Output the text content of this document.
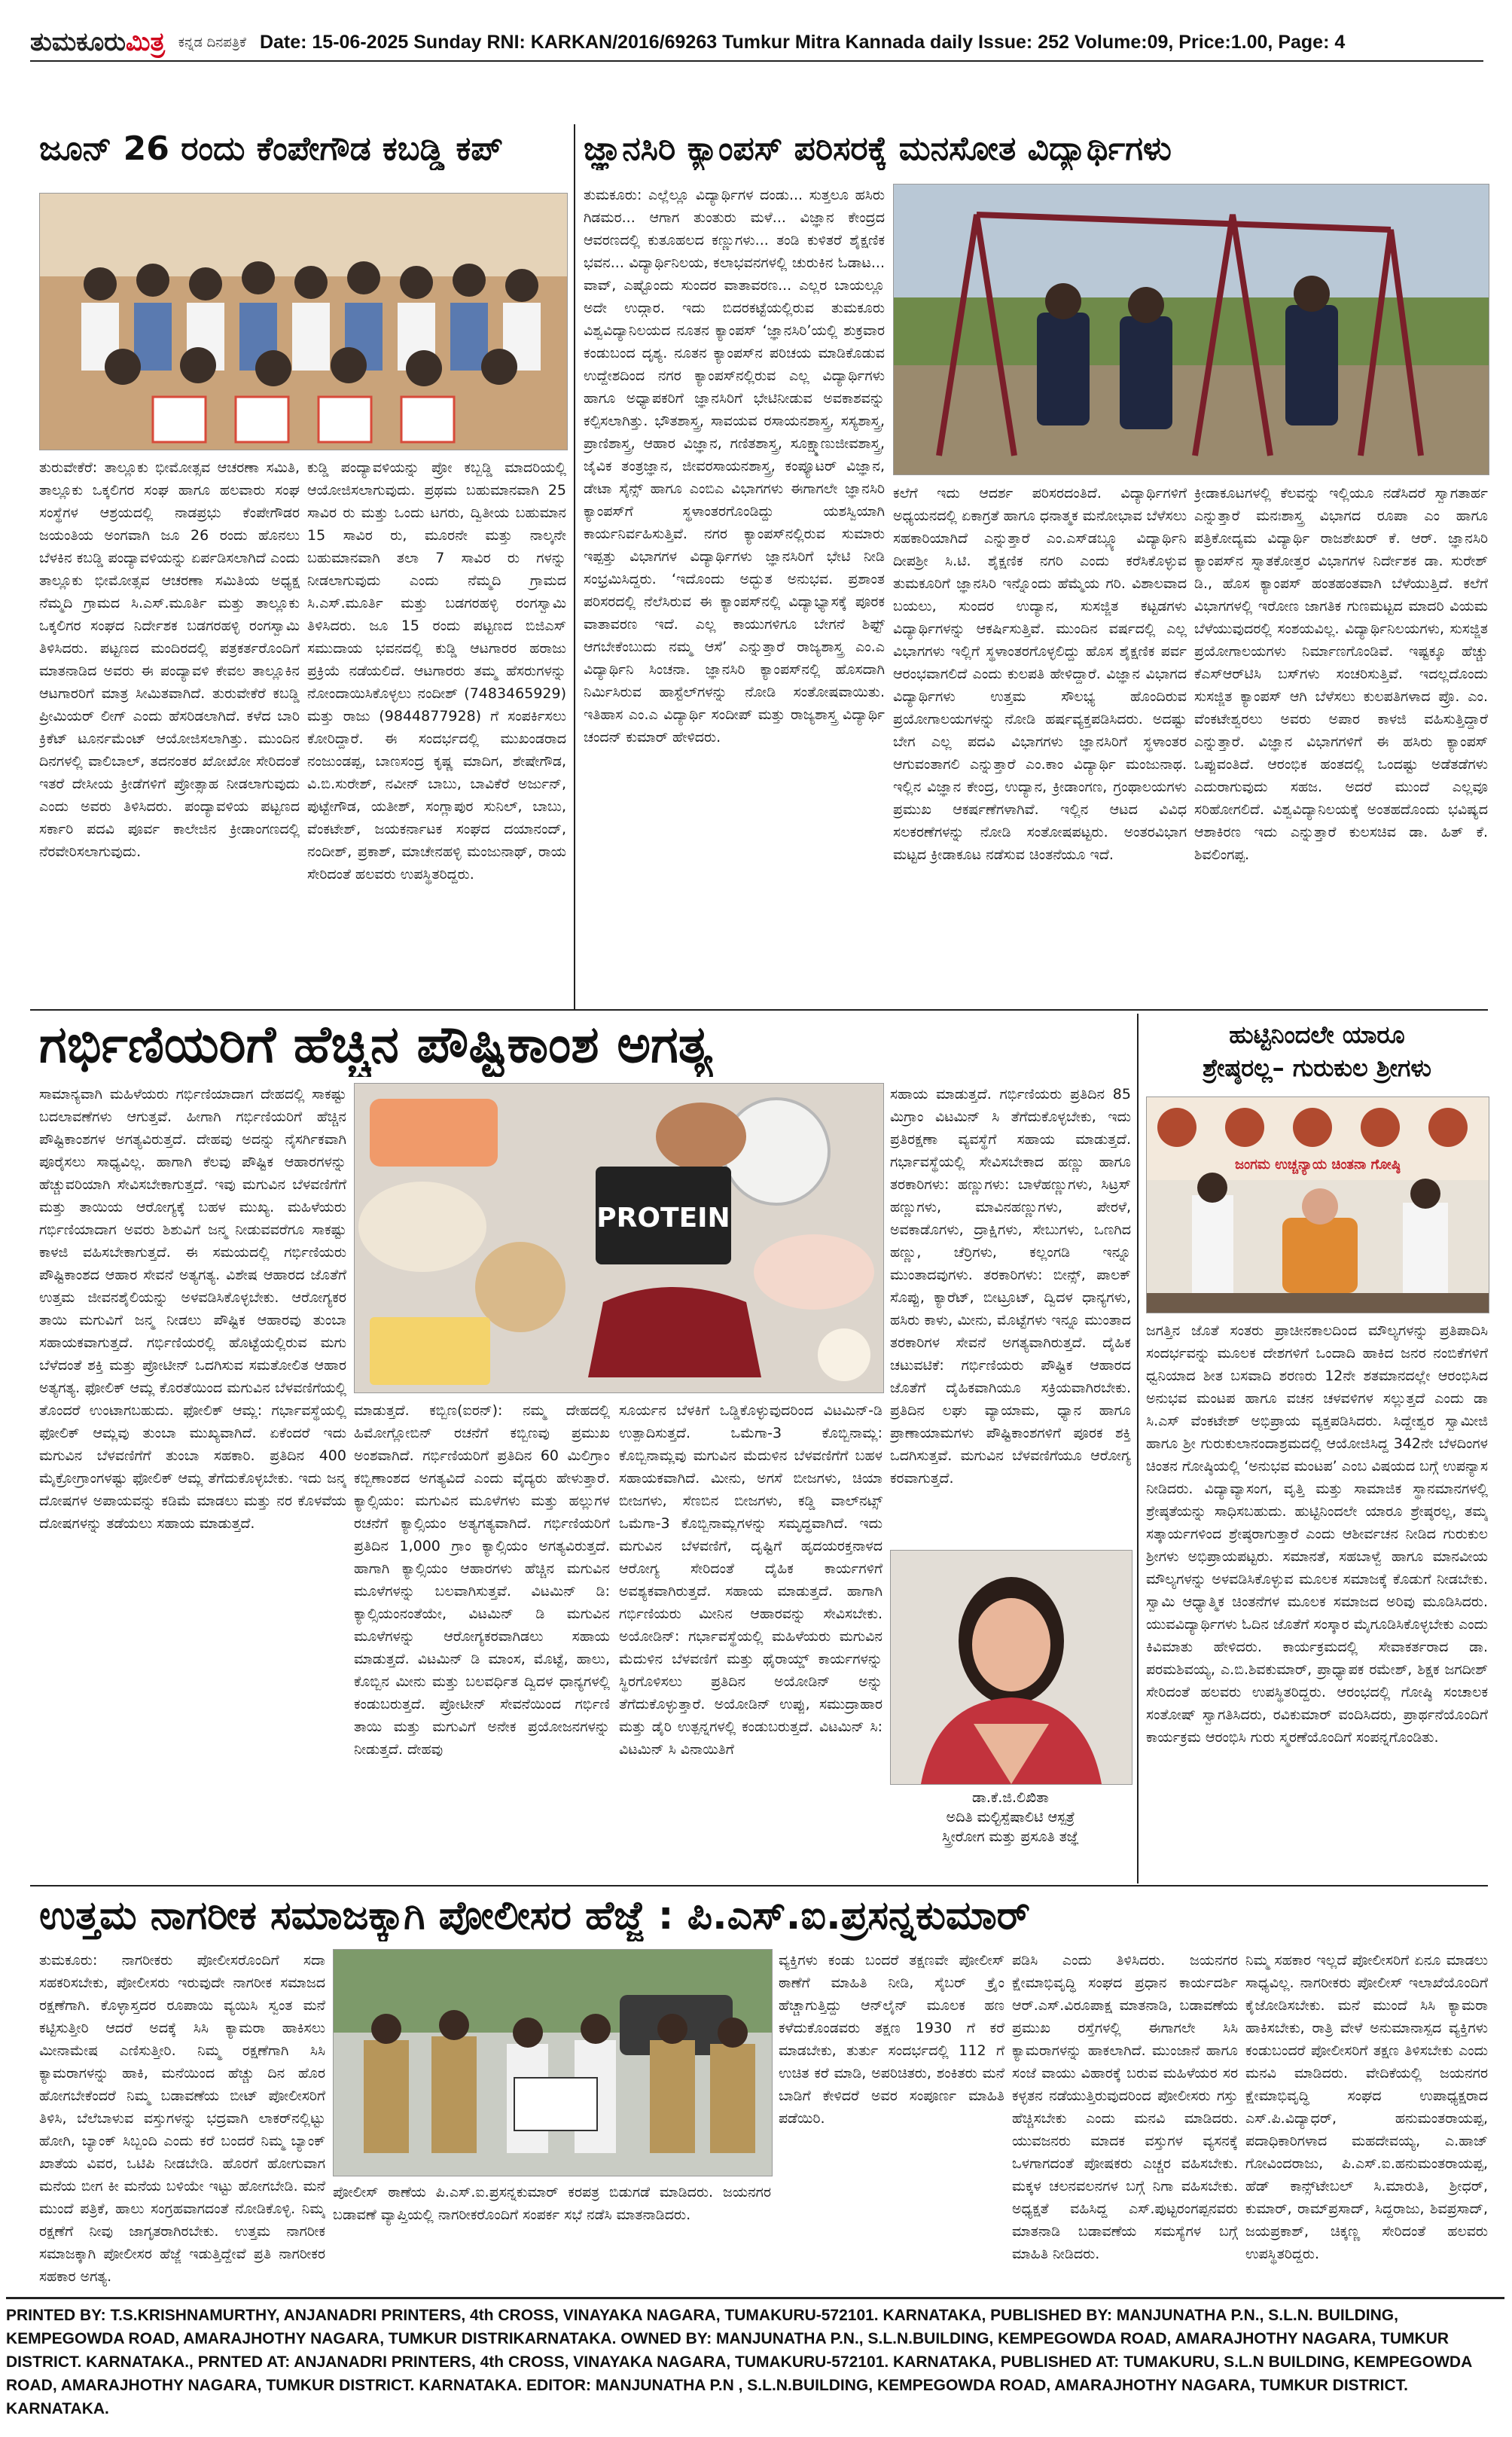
ತುಮಕೂರುಮಿತ್ರ ಕನ್ನಡ ದಿನಪತ್ರಿಕೆ Date: 15-06-2025 Sunday RNI: KARKAN/2016/69263 Tumkur Mitra Kannada daily Issue: 252 Volume:09, Price:1.00, Page: 4
ಜೂನ್ 26 ರಂದು ಕೆಂಪೇಗೌಡ ಕಬಡ್ಡಿ ಕಪ್
ತುರುವೇಕೆರೆ: ತಾಲ್ಲೂಕು ಭೀಮೋತ್ಸವ ಆಚರಣಾ ಸಮಿತಿ, ತಾಲ್ಲೂಕು ಒಕ್ಕಲಿಗರ ಸಂಘ ಹಾಗೂ ಹಲವಾರು ಸಂಘ ಸಂಸ್ಥೆಗಳ ಆಶ್ರಯದಲ್ಲಿ ನಾಡಪ್ರಭು ಕೆಂಪೇಗೌಡರ ಜಯಂತಿಯ ಅಂಗವಾಗಿ ಜೂ 26 ರಂದು ಹೊನಲು ಬೆಳಕಿನ ಕಬಡ್ಡಿ ಪಂದ್ಯಾವಳಿಯನ್ನು ಏರ್ಪಡಿಸಲಾಗಿದೆ ಎಂದು ತಾಲ್ಲೂಕು ಭೀಮೋತ್ಸವ ಆಚರಣಾ ಸಮಿತಿಯ ಅಧ್ಯಕ್ಷ ನೆಮ್ಮದಿ ಗ್ರಾಮದ ಸಿ.ಎಸ್.ಮೂರ್ತಿ ಮತ್ತು ತಾಲ್ಲೂಕು ಒಕ್ಕಲಿಗರ ಸಂಘದ ನಿರ್ದೇಶಕ ಬಡಗರಹಳ್ಳಿ ರಂಗಸ್ವಾಮಿ ತಿಳಿಸಿದರು. ಪಟ್ಟಣದ ಮಂದಿರದಲ್ಲಿ ಪತ್ರಕರ್ತರೊಂದಿಗೆ ಮಾತನಾಡಿದ ಅವರು ಈ ಪಂದ್ಯಾವಳಿ ಕೇವಲ ತಾಲ್ಲೂಕಿನ ಆಟಗಾರರಿಗೆ ಮಾತ್ರ ಸೀಮಿತವಾಗಿದೆ. ತುರುವೇಕೆರೆ ಕಬಡ್ಡಿ ಪ್ರೀಮಿಯರ್ ಲೀಗ್ ಎಂದು ಹೆಸರಿಡಲಾಗಿದೆ. ಕಳೆದ ಬಾರಿ ಕ್ರಿಕೆಟ್ ಟೂರ್ನಮೆಂಟ್ ಆಯೋಜಿಸಲಾಗಿತ್ತು. ಮುಂದಿನ ದಿನಗಳಲ್ಲಿ ವಾಲಿಬಾಲ್, ತದನಂತರ ಖೋಖೋ ಸೇರಿದಂತೆ ಇತರೆ ದೇಸೀಯ ಕ್ರೀಡೆಗಳಿಗೆ ಪ್ರೋತ್ಸಾಹ ನೀಡಲಾಗುವುದು ಎಂದು ಅವರು ತಿಳಿಸಿದರು. ಪಂದ್ಯಾವಳಿಯ ಪಟ್ಟಣದ ಸರ್ಕಾರಿ ಪದವಿ ಪೂರ್ವ ಕಾಲೇಜಿನ ಕ್ರೀಡಾಂಗಣದಲ್ಲಿ ನೆರವೇರಿಸಲಾಗುವುದು.
ಕುಡ್ಡಿ ಪಂದ್ಯಾವಳಿಯನ್ನು ಪ್ರೋ ಕಬ್ಬಡ್ಡಿ ಮಾದರಿಯಲ್ಲಿ ಆಯೋಜಿಸಲಾಗುವುದು. ಪ್ರಥಮ ಬಹುಮಾನವಾಗಿ 25 ಸಾವಿರ ರು ಮತ್ತು ಒಂದು ಟಗರು, ದ್ವಿತೀಯ ಬಹುಮಾನ 15 ಸಾವಿರ ರು, ಮೂರನೇ ಮತ್ತು ನಾಲ್ಕನೇ ಬಹುಮಾನವಾಗಿ ತಲಾ 7 ಸಾವಿರ ರು ಗಳನ್ನು ನೀಡಲಾಗುವುದು ಎಂದು ನೆಮ್ಮದಿ ಗ್ರಾಮದ ಸಿ.ಎಸ್.ಮೂರ್ತಿ ಮತ್ತು ಬಡಗರಹಳ್ಳಿ ರಂಗಸ್ವಾಮಿ ತಿಳಿಸಿದರು. ಜೂ 15 ರಂದು ಪಟ್ಟಣದ ಬಿಜಿಎಸ್ ಸಮುದಾಯ ಭವನದಲ್ಲಿ ಕುಡ್ಡಿ ಆಟಗಾರರ ಹರಾಜು ಪ್ರಕ್ರಿಯೆ ನಡೆಯಲಿದೆ. ಆಟಗಾರರು ತಮ್ಮ ಹೆಸರುಗಳನ್ನು ನೋಂದಾಯಿಸಿಕೊಳ್ಳಲು ನಂದೀಶ್ (7483465929) ಮತ್ತು ರಾಜು (9844877928) ಗೆ ಸಂಪರ್ಕಿಸಲು ಕೋರಿದ್ದಾರೆ. ಈ ಸಂದರ್ಭದಲ್ಲಿ ಮುಖಂಡರಾದ ನಂಜುಂಡಪ್ಪ, ಬಾಣಸಂದ್ರ ಕೃಷ್ಣ ಮಾದಿಗ, ಶೇಷೇಗೌಡ, ವಿ.ಬಿ.ಸುರೇಶ್, ನವೀನ್ ಬಾಬು, ಬಾವಿಕೆರೆ ಅರ್ಜುನ್, ಪುಟ್ಟೇಗೌಡ, ಯತೀಶ್, ಸಂಗ್ಲಾಪುರ ಸುನಿಲ್, ಬಾಬು, ವೆಂಕಟೇಶ್, ಜಯಕರ್ನಾಟಕ ಸಂಘದ ದಯಾನಂದ್, ನಂದೀಶ್, ಪ್ರಕಾಶ್, ಮಾಚೇನಹಳ್ಳಿ ಮಂಜುನಾಥ್, ರಾಯ ಸೇರಿದಂತೆ ಹಲವರು ಉಪಸ್ಥಿತರಿದ್ದರು.
ಜ್ಞಾನಸಿರಿ ಕ್ಯಾಂಪಸ್ ಪರಿಸರಕ್ಕೆ ಮನಸೋತ ವಿದ್ಯಾರ್ಥಿಗಳು
ತುಮಕೂರು: ಎಲ್ಲೆಲ್ಲೂ ವಿದ್ಯಾರ್ಥಿಗಳ ದಂಡು... ಸುತ್ತಲೂ ಹಸಿರು ಗಿಡಮರ... ಆಗಾಗ ತುಂತುರು ಮಳೆ... ವಿಜ್ಞಾನ ಕೇಂದ್ರದ ಆವರಣದಲ್ಲಿ ಕುತೂಹಲದ ಕಣ್ಣುಗಳು... ತಂಡಿ ಕುಳಿತರೆ ಶೈಕ್ಷಣಿಕ ಭವನ... ವಿದ್ಯಾರ್ಥಿನಿಲಯ, ಕಲಾಭವನಗಳಲ್ಲಿ ಚುರುಕಿನ ಓಡಾಟ... ವಾವ್, ಎಷ್ಟೊಂದು ಸುಂದರ ವಾತಾವರಣ... ಎಲ್ಲರ ಬಾಯಲ್ಲೂ ಅದೇ ಉದ್ಗಾರ. ಇದು ಬಿದರಕಟ್ಟೆಯಲ್ಲಿರುವ ತುಮಕೂರು ವಿಶ್ವವಿದ್ಯಾನಿಲಯದ ನೂತನ ಕ್ಯಾಂಪಸ್ ‘ಜ್ಞಾನಸಿರಿ’ಯಲ್ಲಿ ಶುಕ್ರವಾರ ಕಂಡುಬಂದ ದೃಶ್ಯ. ನೂತನ ಕ್ಯಾಂಪಸ್‌ನ ಪರಿಚಯ ಮಾಡಿಕೊಡುವ ಉದ್ದೇಶದಿಂದ ನಗರ ಕ್ಯಾಂಪಸ್‌ನಲ್ಲಿರುವ ಎಲ್ಲ ವಿದ್ಯಾರ್ಥಿಗಳು ಹಾಗೂ ಅಧ್ಯಾಪಕರಿಗೆ ಜ್ಞಾನಸಿರಿಗೆ ಭೇಟಿನೀಡುವ ಅವಕಾಶವನ್ನು ಕಲ್ಪಿಸಲಾಗಿತ್ತು. ಭೌತಶಾಸ್ತ್ರ, ಸಾವಯವ ರಸಾಯನಶಾಸ್ತ್ರ, ಸಸ್ಯಶಾಸ್ತ್ರ, ಪ್ರಾಣಿಶಾಸ್ತ್ರ, ಆಹಾರ ವಿಜ್ಞಾನ, ಗಣಿತಶಾಸ್ತ್ರ, ಸೂಕ್ಷ್ಮಾಣುಜೀವಶಾಸ್ತ್ರ, ಜೈವಿಕ ತಂತ್ರಜ್ಞಾನ, ಜೀವರಸಾಯನಶಾಸ್ತ್ರ, ಕಂಪ್ಯೂಟರ್ ವಿಜ್ಞಾನ, ಡೇಟಾ ಸೈನ್ಸ್ ಹಾಗೂ ಎಂಬಿಎ ವಿಭಾಗಗಳು ಈಗಾಗಲೇ ಜ್ಞಾನಸಿರಿ ಕ್ಯಾಂಪಸ್‌ಗೆ ಸ್ಥಳಾಂತರಗೊಂಡಿದ್ದು ಯಶಸ್ವಿಯಾಗಿ ಕಾರ್ಯನಿರ್ವಹಿಸುತ್ತಿವೆ. ನಗರ ಕ್ಯಾಂಪಸ್‌ನಲ್ಲಿರುವ ಸುಮಾರು ಇಪ್ಪತ್ತು ವಿಭಾಗಗಳ ವಿದ್ಯಾರ್ಥಿಗಳು ಜ್ಞಾನಸಿರಿಗೆ ಭೇಟಿ ನೀಡಿ ಸಂಭ್ರಮಿಸಿದ್ದರು. ‘ಇದೊಂದು ಅದ್ಭುತ ಅನುಭವ. ಪ್ರಶಾಂತ ಪರಿಸರದಲ್ಲಿ ನೆಲೆಸಿರುವ ಈ ಕ್ಯಾಂಪಸ್‌ನಲ್ಲಿ ವಿದ್ಯಾಭ್ಯಾಸಕ್ಕೆ ಪೂರಕ ವಾತಾವರಣ ಇದೆ. ಎಲ್ಲ ಕಾಯುಗಳಿಗೂ ಬೇಗನೆ ಶಿಫ್ಟ್ ಆಗಬೇಕೆಂಬುದು ನಮ್ಮ ಆಸೆ’ ಎನ್ನುತ್ತಾರೆ ರಾಜ್ಯಶಾಸ್ತ್ರ ಎಂ.ಎ ವಿದ್ಯಾರ್ಥಿನಿ ಸಿಂಚನಾ. ಜ್ಞಾನಸಿರಿ ಕ್ಯಾಂಪಸ್‌ನಲ್ಲಿ ಹೊಸದಾಗಿ ನಿರ್ಮಿಸಿರುವ ಹಾಸ್ಟೆಲ್‌ಗಳನ್ನು ನೋಡಿ ಸಂತೋಷವಾಯಿತು. ಇತಿಹಾಸ ಎಂ.ಎ ವಿದ್ಯಾರ್ಥಿ ಸಂದೀಪ್ ಮತ್ತು ರಾಜ್ಯಶಾಸ್ತ್ರ ವಿದ್ಯಾರ್ಥಿ ಚಂದನ್ ಕುಮಾರ್ ಹೇಳಿದರು.
ಕಲೆಗೆ ಇದು ಆದರ್ಶ ಪರಿಸರದಂತಿದೆ. ವಿದ್ಯಾರ್ಥಿಗಳಿಗೆ ಅಧ್ಯಯನದಲ್ಲಿ ಏಕಾಗ್ರತೆ ಹಾಗೂ ಧನಾತ್ಮಕ ಮನೋಭಾವ ಬೆಳೆಸಲು ಸಹಕಾರಿಯಾಗಿದೆ ಎನ್ನುತ್ತಾರೆ ಎಂ.ಎಸ್‌ಡಬ್ಲ್ಯೂ ವಿದ್ಯಾರ್ಥಿನಿ ದೀಪಶ್ರೀ ಸಿ.ಟಿ. ಶೈಕ್ಷಣಿಕ ನಗರಿ ಎಂದು ಕರೆಸಿಕೊಳ್ಳುವ ತುಮಕೂರಿಗೆ ಜ್ಞಾನಸಿರಿ ಇನ್ನೊಂದು ಹೆಮ್ಮೆಯ ಗರಿ. ವಿಶಾಲವಾದ ಬಯಲು, ಸುಂದರ ಉದ್ಯಾನ, ಸುಸಜ್ಜಿತ ಕಟ್ಟಡಗಳು ವಿದ್ಯಾರ್ಥಿಗಳನ್ನು ಆಕರ್ಷಿಸುತ್ತಿವೆ. ಮುಂದಿನ ವರ್ಷದಲ್ಲಿ ಎಲ್ಲ ವಿಭಾಗಗಳು ಇಲ್ಲಿಗೆ ಸ್ಥಳಾಂತರಗೊಳ್ಳಲಿದ್ದು ಹೊಸ ಶೈಕ್ಷಣಿಕ ಪರ್ವ ಆರಂಭವಾಗಲಿದೆ ಎಂದು ಕುಲಪತಿ ಹೇಳಿದ್ದಾರೆ. ವಿಜ್ಞಾನ ವಿಭಾಗದ ವಿದ್ಯಾರ್ಥಿಗಳು ಉತ್ತಮ ಸೌಲಭ್ಯ ಹೊಂದಿರುವ ಪ್ರಯೋಗಾಲಯಗಳನ್ನು ನೋಡಿ ಹರ್ಷವ್ಯಕ್ತಪಡಿಸಿದರು. ಅದಷ್ಟು ಬೇಗ ಎಲ್ಲ ಪದವಿ ವಿಭಾಗಗಳು ಜ್ಞಾನಸಿರಿಗೆ ಸ್ಥಳಾಂತರ ಆಗುವಂತಾಗಲಿ ಎನ್ನುತ್ತಾರೆ ಎಂ.ಕಾಂ ವಿದ್ಯಾರ್ಥಿ ಮಂಜುನಾಥ. ಇಲ್ಲಿನ ವಿಜ್ಞಾನ ಕೇಂದ್ರ, ಉದ್ಯಾನ, ಕ್ರೀಡಾಂಗಣ, ಗ್ರಂಥಾಲಯಗಳು ಪ್ರಮುಖ ಆಕರ್ಷಣೆಗಳಾಗಿವೆ. ಇಲ್ಲಿನ ಆಟದ ವಿವಿಧ ಸಲಕರಣೆಗಳನ್ನು ನೋಡಿ ಸಂತೋಷಪಟ್ಟರು. ಅಂತರವಿಭಾಗ ಮಟ್ಟದ ಕ್ರೀಡಾಕೂಟ ನಡೆಸುವ ಚಿಂತನೆಯೂ ಇದೆ.
ಕ್ರೀಡಾಕೂಟಗಳಲ್ಲಿ ಕೆಲವನ್ನು ಇಲ್ಲಿಯೂ ನಡೆಸಿದರೆ ಸ್ವಾಗತಾರ್ಹ ಎನ್ನುತ್ತಾರೆ ಮನಃಶಾಸ್ತ್ರ ವಿಭಾಗದ ರೂಪಾ ಎಂ ಹಾಗೂ ಪತ್ರಿಕೋದ್ಯಮ ವಿದ್ಯಾರ್ಥಿ ರಾಜಶೇಖರ್ ಕೆ. ಆರ್. ಜ್ಞಾನಸಿರಿ ಕ್ಯಾಂಪಸ್‌ನ ಸ್ನಾತಕೋತ್ತರ ವಿಭಾಗಗಳ ನಿರ್ದೇಶಕ ಡಾ. ಸುರೇಶ್ ಡಿ., ಹೊಸ ಕ್ಯಾಂಪಸ್ ಹಂತಹಂತವಾಗಿ ಬೆಳೆಯುತ್ತಿದೆ. ಕಲೆಗೆ ವಿಭಾಗಗಳಲ್ಲಿ ಇರೋಣ ಜಾಗತಿಕ ಗುಣಮಟ್ಟದ ಮಾದರಿ ವಿಯಮ ಬೆಳೆಯುವುದರಲ್ಲಿ ಸಂಶಯವಿಲ್ಲ. ವಿದ್ಯಾರ್ಥಿನಿಲಯಗಳು, ಸುಸಜ್ಜಿತ ಪ್ರಯೋಗಾಲಯಗಳು ನಿರ್ಮಾಣಗೊಂಡಿವೆ. ಇಷ್ಟಕ್ಕೂ ಹೆಚ್ಚು ಕೆಎಸ್‌ಆರ್‌ಟಿಸಿ ಬಸ್‌ಗಳು ಸಂಚರಿಸುತ್ತಿವೆ. ಇದಲ್ಲದೊಂದು ಸುಸಜ್ಜಿತ ಕ್ಯಾಂಪಸ್ ಆಗಿ ಬೆಳೆಸಲು ಕುಲಪತಿಗಳಾದ ಪ್ರೊ. ಎಂ. ವೆಂಕಟೇಶ್ವರಲು ಅವರು ಅಪಾರ ಕಾಳಜಿ ವಹಿಸುತ್ತಿದ್ದಾರೆ ಎನ್ನುತ್ತಾರೆ. ವಿಜ್ಞಾನ ವಿಭಾಗಗಳಿಗೆ ಈ ಹಸಿರು ಕ್ಯಾಂಪಸ್ ಒಪ್ಪುವಂತಿದೆ. ಆರಂಭಿಕ ಹಂತದಲ್ಲಿ ಒಂದಷ್ಟು ಅಡೆತಡೆಗಳು ಎದುರಾಗುವುದು ಸಹಜ. ಅದರೆ ಮುಂದೆ ಎಲ್ಲವೂ ಸರಿಹೋಗಲಿದೆ. ವಿಶ್ವವಿದ್ಯಾನಿಲಯಕ್ಕೆ ಅಂತಹದೊಂದು ಭವಿಷ್ಯದ ಆಶಾಕಿರಣ ಇದು ಎನ್ನುತ್ತಾರೆ ಕುಲಸಚಿವ ಡಾ. ಹಿತ್ ಕೆ. ಶಿವಲಿಂಗಪ್ಪ.
ಗರ್ಭಿಣಿಯರಿಗೆ ಹೆಚ್ಚಿನ ಪೌಷ್ಟಿಕಾಂಶ ಅಗತ್ಯ
ಸಾಮಾನ್ಯವಾಗಿ ಮಹಿಳೆಯರು ಗರ್ಭಿಣಿಯಾದಾಗ ದೇಹದಲ್ಲಿ ಸಾಕಷ್ಟು ಬದಲಾವಣೆಗಳು ಆಗುತ್ತವೆ. ಹೀಗಾಗಿ ಗರ್ಭಿಣಿಯರಿಗೆ ಹೆಚ್ಚಿನ ಪೌಷ್ಟಿಕಾಂಶಗಳ ಅಗತ್ಯವಿರುತ್ತದೆ. ದೇಹವು ಅದನ್ನು ನೈಸರ್ಗಿಕವಾಗಿ ಪೂರೈಸಲು ಸಾಧ್ಯವಿಲ್ಲ. ಹಾಗಾಗಿ ಕೆಲವು ಪೌಷ್ಟಿಕ ಆಹಾರಗಳನ್ನು ಹೆಚ್ಚುವರಿಯಾಗಿ ಸೇವಿಸಬೇಕಾಗುತ್ತದೆ. ಇವು ಮಗುವಿನ ಬೆಳವಣಿಗೆಗೆ ಮತ್ತು ತಾಯಿಯ ಆರೋಗ್ಯಕ್ಕೆ ಬಹಳ ಮುಖ್ಯ. ಮಹಿಳೆಯರು ಗರ್ಭಿಣಿಯಾದಾಗ ಅವರು ಶಿಶುವಿಗೆ ಜನ್ಮ ನೀಡುವವರೆಗೂ ಸಾಕಷ್ಟು ಕಾಳಜಿ ವಹಿಸಬೇಕಾಗುತ್ತದೆ. ಈ ಸಮಯದಲ್ಲಿ ಗರ್ಭಿಣಿಯರು ಪೌಷ್ಟಿಕಾಂಶದ ಆಹಾರ ಸೇವನೆ ಅತ್ಯಗತ್ಯ. ವಿಶೇಷ ಆಹಾರದ ಜೊತೆಗೆ ಉತ್ತಮ ಜೀವನಶೈಲಿಯನ್ನು ಅಳವಡಿಸಿಕೊಳ್ಳಬೇಕು. ಆರೋಗ್ಯಕರ ತಾಯಿ ಮಗುವಿಗೆ ಜನ್ಮ ನೀಡಲು ಪೌಷ್ಟಿಕ ಆಹಾರವು ತುಂಬಾ ಸಹಾಯಕವಾಗುತ್ತದೆ. ಗರ್ಭಿಣಿಯರಲ್ಲಿ ಹೊಟ್ಟೆಯಲ್ಲಿರುವ ಮಗು ಬೆಳೆದಂತೆ ಶಕ್ತಿ ಮತ್ತು ಪ್ರೋಟೀನ್ ಒದಗಿಸುವ ಸಮತೋಲಿತ ಆಹಾರ ಅತ್ಯಗತ್ಯ. ಫೋಲಿಕ್ ಆಮ್ಲ ಕೊರತೆಯಿಂದ ಮಗುವಿನ ಬೆಳವಣಿಗೆಯಲ್ಲಿ ತೊಂದರೆ ಉಂಟಾಗಬಹುದು. ಫೋಲಿಕ್ ಆಮ್ಲ: ಗರ್ಭಾವಸ್ಥೆಯಲ್ಲಿ ಫೋಲಿಕ್ ಆಮ್ಲವು ತುಂಬಾ ಮುಖ್ಯವಾಗಿದೆ. ಏಕೆಂದರೆ ಇದು ಮಗುವಿನ ಬೆಳವಣಿಗೆಗೆ ತುಂಬಾ ಸಹಕಾರಿ. ಪ್ರತಿದಿನ 400 ಮೈಕ್ರೋಗ್ರಾಂಗಳಷ್ಟು ಫೋಲಿಕ್ ಆಮ್ಲ ತೆಗೆದುಕೊಳ್ಳಬೇಕು. ಇದು ಜನ್ಮ ದೋಷಗಳ ಅಪಾಯವನ್ನು ಕಡಿಮೆ ಮಾಡಲು ಮತ್ತು ನರ ಕೊಳವೆಯ ದೋಷಗಳನ್ನು ತಡೆಯಲು ಸಹಾಯ ಮಾಡುತ್ತದೆ.
PROTEIN
ಮಾಡುತ್ತದೆ. ಕಬ್ಬಿಣ(ಐರನ್): ನಮ್ಮ ದೇಹದಲ್ಲಿ ಹಿಮೋಗ್ಲೋಬಿನ್ ರಚನೆಗೆ ಕಬ್ಬಿಣವು ಪ್ರಮುಖ ಅಂಶವಾಗಿದೆ. ಗರ್ಭಿಣಿಯರಿಗೆ ಪ್ರತಿದಿನ 60 ಮಿಲಿಗ್ರಾಂ ಕಬ್ಬಿಣಾಂಶದ ಅಗತ್ಯವಿದೆ ಎಂದು ವೈದ್ಯರು ಹೇಳುತ್ತಾರೆ. ಕ್ಯಾಲ್ಸಿಯಂ: ಮಗುವಿನ ಮೂಳೆಗಳು ಮತ್ತು ಹಲ್ಲುಗಳ ರಚನೆಗೆ ಕ್ಯಾಲ್ಸಿಯಂ ಅತ್ಯಗತ್ಯವಾಗಿದೆ. ಗರ್ಭಿಣಿಯರಿಗೆ ಪ್ರತಿದಿನ 1,000 ಗ್ರಾಂ ಕ್ಯಾಲ್ಸಿಯಂ ಅಗತ್ಯವಿರುತ್ತದೆ. ಹಾಗಾಗಿ ಕ್ಯಾಲ್ಸಿಯಂ ಆಹಾರಗಳು ಹೆಚ್ಚಿನ ಮಗುವಿನ ಮೂಳೆಗಳನ್ನು ಬಲವಾಗಿಸುತ್ತವೆ. ವಿಟಮಿನ್ ಡಿ: ಕ್ಯಾಲ್ಸಿಯಂನಂತೆಯೇ, ವಿಟಮಿನ್ ಡಿ ಮಗುವಿನ ಮೂಳೆಗಳನ್ನು ಆರೋಗ್ಯಕರವಾಗಿಡಲು ಸಹಾಯ ಮಾಡುತ್ತದೆ. ವಿಟಮಿನ್ ಡಿ ಮಾಂಸ, ಮೊಟ್ಟೆ, ಹಾಲು, ಕೊಬ್ಬಿನ ಮೀನು ಮತ್ತು ಬಲವರ್ಧಿತ ದ್ವಿದಳ ಧಾನ್ಯಗಳಲ್ಲಿ ಕಂಡುಬರುತ್ತದೆ. ಪ್ರೋಟೀನ್ ಸೇವನೆಯಿಂದ ಗರ್ಭಿಣಿ ತಾಯಿ ಮತ್ತು ಮಗುವಿಗೆ ಅನೇಕ ಪ್ರಯೋಜನಗಳನ್ನು ನೀಡುತ್ತದೆ. ದೇಹವು
ಸಹಾಯ ಮಾಡುತ್ತದೆ. ಗರ್ಭಿಣಿಯರು ಪ್ರತಿದಿನ 85 ಮಿಗ್ರಾಂ ವಿಟಮಿನ್ ಸಿ ತೆಗೆದುಕೊಳ್ಳಬೇಕು, ಇದು ಪ್ರತಿರಕ್ಷಣಾ ವ್ಯವಸ್ಥೆಗೆ ಸಹಾಯ ಮಾಡುತ್ತದೆ. ಗರ್ಭಾವಸ್ಥೆಯಲ್ಲಿ ಸೇವಿಸಬೇಕಾದ ಹಣ್ಣು ಹಾಗೂ ತರಕಾರಿಗಳು: ಹಣ್ಣುಗಳು: ಬಾಳೆಹಣ್ಣುಗಳು, ಸಿಟ್ರಸ್ ಹಣ್ಣುಗಳು, ಮಾವಿನಹಣ್ಣುಗಳು, ಪೇರಳೆ, ಅವಕಾಡೊಗಳು, ದ್ರಾಕ್ಷಿಗಳು, ಸೇಬುಗಳು, ಒಣಗಿದ ಹಣ್ಣು, ಚೆರ್ರಿಗಳು, ಕಲ್ಲಂಗಡಿ ಇನ್ನೂ ಮುಂತಾದವುಗಳು. ತರಕಾರಿಗಳು: ಬೀನ್ಸ್, ಪಾಲಕ್ ಸೊಪ್ಪು, ಕ್ಯಾರೆಟ್, ಬೀಟ್ರೂಟ್, ದ್ವಿದಳ ಧಾನ್ಯಗಳು, ಹಸಿರು ಕಾಳು, ಮೀನು, ಮೊಟ್ಟೆಗಳು ಇನ್ನೂ ಮುಂತಾದ ತರಕಾರಿಗಳ ಸೇವನೆ ಅಗತ್ಯವಾಗಿರುತ್ತದೆ. ದೈಹಿಕ ಚಟುವಟಿಕೆ: ಗರ್ಭಿಣಿಯರು ಪೌಷ್ಟಿಕ ಆಹಾರದ ಜೊತೆಗೆ ದೈಹಿಕವಾಗಿಯೂ ಸಕ್ರಿಯವಾಗಿರಬೇಕು. ಪ್ರತಿದಿನ ಲಘು ವ್ಯಾಯಾಮ, ಧ್ಯಾನ ಹಾಗೂ ಪ್ರಾಣಾಯಾಮಗಳು ಪೌಷ್ಟಿಕಾಂಶಗಳಿಗೆ ಪೂರಕ ಶಕ್ತಿ ಒದಗಿಸುತ್ತವೆ. ಮಗುವಿನ ಬೆಳವಣಿಗೆಯೂ ಆರೋಗ್ಯ ಕರವಾಗುತ್ತದೆ.
ಸೂರ್ಯನ ಬೆಳಕಿಗೆ ಒಡ್ಡಿಕೊಳ್ಳುವುದರಿಂದ ವಿಟಮಿನ್-ಡಿ ಉತ್ಪಾದಿಸುತ್ತದೆ. ಒಮೆಗಾ-3 ಕೊಬ್ಬಿನಾಮ್ಲ: ಕೊಬ್ಬಿನಾಮ್ಲವು ಮಗುವಿನ ಮೆದುಳಿನ ಬೆಳವಣಿಗೆಗೆ ಬಹಳ ಸಹಾಯಕವಾಗಿದೆ. ಮೀನು, ಅಗಸೆ ಬೀಜಗಳು, ಚಿಯಾ ಬೀಜಗಳು, ಸೆಣಬಿನ ಬೀಜಗಳು, ಕಡ್ಡಿ ವಾಲ್‌ನಟ್ಸ್ ಒಮೆಗಾ-3 ಕೊಬ್ಬಿನಾಮ್ಲಗಳನ್ನು ಸಮೃದ್ಧವಾಗಿದೆ. ಇದು ಮಗುವಿನ ಬೆಳವಣಿಗೆ, ದೃಷ್ಟಿಗೆ ಹೃದಯರಕ್ತನಾಳದ ಆರೋಗ್ಯ ಸೇರಿದಂತೆ ದೈಹಿಕ ಕಾರ್ಯಗಳಿಗೆ ಅವಶ್ಯಕವಾಗಿರುತ್ತದೆ. ಸಹಾಯ ಮಾಡುತ್ತದೆ. ಹಾಗಾಗಿ ಗರ್ಭಿಣಿಯರು ಮೀನಿನ ಆಹಾರವನ್ನು ಸೇವಿಸಬೇಕು. ಅಯೋಡಿನ್: ಗರ್ಭಾವಸ್ಥೆಯಲ್ಲಿ ಮಹಿಳೆಯರು ಮಗುವಿನ ಮೆದುಳಿನ ಬೆಳವಣಿಗೆ ಮತ್ತು ಥೈರಾಯ್ಡ್ ಕಾರ್ಯಗಳನ್ನು ಸ್ಥಿರಗೊಳಿಸಲು ಪ್ರತಿದಿನ ಅಯೋಡಿನ್ ಅನ್ನು ತೆಗೆದುಕೊಳ್ಳುತ್ತಾರೆ. ಅಯೋಡಿನ್ ಉಪ್ಪು, ಸಮುದ್ರಾಹಾರ ಮತ್ತು ಡೈರಿ ಉತ್ಪನ್ನಗಳಲ್ಲಿ ಕಂಡುಬರುತ್ತದೆ. ವಿಟಮಿನ್ ಸಿ: ವಿಟಮಿನ್ ಸಿ ವಿನಾಯಿತಿಗೆ
ಡಾ.ಕೆ.ಜಿ.ಲಿಖಿತಾ
ಅದಿತಿ ಮಲ್ಟಿಸ್ಪೆಷಾಲಿಟಿ ಆಸ್ಪತ್ರೆ
ಸ್ತ್ರೀರೋಗ ಮತ್ತು ಪ್ರಸೂತಿ ತಜ್ಞೆ
ಹುಟ್ಟಿನಿಂದಲೇ ಯಾರೂ
ಶ್ರೇಷ್ಠರಲ್ಲ– ಗುರುಕುಲ ಶ್ರೀಗಳು
ಜಂಗಮ ಉಚ್ಚನ್ಯಾಯ ಚಿಂತನಾ ಗೋಷ್ಠಿ
ಜಗತ್ತಿನ ಜೊತೆ ಸಂತರು ಪ್ರಾಚೀನಕಾಲದಿಂದ ಮೌಲ್ಯಗಳನ್ನು ಪ್ರತಿಪಾದಿಸಿ ಸಂದರ್ಭವನ್ನು ಮೂಲಕ ದೇಶಗಳಿಗೆ ಒಂದಾದಿ ಹಾಕಿದ ಜನರ ನಂಬಿಕೆಗಳಿಗೆ ಧ್ವನಿಯಾದ ಶೀತ ಬಸವಾದಿ ಶರಣರು 12ನೇ ಶತಮಾನದಲ್ಲೇ ಆರಂಭಿಸಿದ ಅನುಭವ ಮಂಟಪ ಹಾಗೂ ವಚನ ಚಳವಳಿಗಳ ಸಲ್ಲುತ್ತದೆ ಎಂದು ಡಾ ಸಿ.ಎಸ್ ವೆಂಕಟೇಶ್ ಅಭಿಪ್ರಾಯ ವ್ಯಕ್ತಪಡಿಸಿದರು. ಸಿದ್ದೇಶ್ವರ ಸ್ವಾಮೀಜಿ ಹಾಗೂ ಶ್ರೀ ಗುರುಕುಲಾನಂದಾಶ್ರಮದಲ್ಲಿ ಆಯೋಜಿಸಿದ್ದ 342ನೇ ಬೆಳದಿಂಗಳ ಚಿಂತನ ಗೋಷ್ಠಿಯಲ್ಲಿ ‘ಅನುಭವ ಮಂಟಪ’ ಎಂಬ ವಿಷಯದ ಬಗ್ಗೆ ಉಪನ್ಯಾಸ ನೀಡಿದರು. ವಿದ್ಯಾವ್ಯಾಸಂಗ, ವೃತ್ತಿ ಮತ್ತು ಸಾಮಾಜಿಕ ಸ್ಥಾನಮಾನಗಳಲ್ಲಿ ಶ್ರೇಷ್ಠತೆಯನ್ನು ಸಾಧಿಸಬಹುದು. ಹುಟ್ಟಿನಿಂದಲೇ ಯಾರೂ ಶ್ರೇಷ್ಠರಲ್ಲ, ತಮ್ಮ ಸತ್ಕಾರ್ಯಗಳಿಂದ ಶ್ರೇಷ್ಠರಾಗುತ್ತಾರೆ ಎಂದು ಆಶೀರ್ವಚನ ನೀಡಿದ ಗುರುಕುಲ ಶ್ರೀಗಳು ಅಭಿಪ್ರಾಯಪಟ್ಟರು. ಸಮಾನತೆ, ಸಹಬಾಳ್ವೆ ಹಾಗೂ ಮಾನವೀಯ ಮೌಲ್ಯಗಳನ್ನು ಅಳವಡಿಸಿಕೊಳ್ಳುವ ಮೂಲಕ ಸಮಾಜಕ್ಕೆ ಕೊಡುಗೆ ನೀಡಬೇಕು. ಸ್ವಾಮಿ ಆಧ್ಯಾತ್ಮಿಕ ಚಿಂತನೆಗಳ ಮೂಲಕ ಸಮಾಜದ ಅರಿವು ಮೂಡಿಸಿದರು. ಯುವವಿದ್ಯಾರ್ಥಿಗಳು ಓದಿನ ಜೊತೆಗೆ ಸಂಸ್ಕಾರ ಮೈಗೂಡಿಸಿಕೊಳ್ಳಬೇಕು ಎಂದು ಕಿವಿಮಾತು ಹೇಳಿದರು. ಕಾರ್ಯಕ್ರಮದಲ್ಲಿ ಸೇವಾಕರ್ತರಾದ ಡಾ. ಪರಮಶಿವಯ್ಯ, ಎ.ಬಿ.ಶಿವಕುಮಾರ್, ಪ್ರಾಧ್ಯಾಪಕ ರಮೇಶ್, ಶಿಕ್ಷಕ ಜಗದೀಶ್ ಸೇರಿದಂತೆ ಹಲವರು ಉಪಸ್ಥಿತರಿದ್ದರು. ಆರಂಭದಲ್ಲಿ ಗೋಷ್ಠಿ ಸಂಚಾಲಕ ಸಂತೋಷ್ ಸ್ವಾಗತಿಸಿದರು, ರವಿಕುಮಾರ್ ವಂದಿಸಿದರು, ಪ್ರಾರ್ಥನೆಯೊಂದಿಗೆ ಕಾರ್ಯಕ್ರಮ ಆರಂಭಿಸಿ ಗುರು ಸ್ಮರಣೆಯೊಂದಿಗೆ ಸಂಪನ್ನಗೊಂಡಿತು.
ಉತ್ತಮ ನಾಗರೀಕ ಸಮಾಜಕ್ಕಾಗಿ ಪೋಲೀಸರ ಹೆಜ್ಜೆ : ಪಿ.ಎಸ್.ಐ.ಪ್ರಸನ್ನಕುಮಾರ್
ತುಮಕೂರು: ನಾಗರೀಕರು ಪೋಲೀಸರೊಂದಿಗೆ ಸದಾ ಸಹಕರಿಸಬೇಕು, ಪೋಲೀಸರು ಇರುವುದೇ ನಾಗರೀಕ ಸಮಾಜದ ರಕ್ಷಣೆಗಾಗಿ. ಕೊಳ್ಳಾಸ್ತದರ ರೂಪಾಯಿ ವ್ಯಯಿಸಿ ಸ್ವಂತ ಮನೆ ಕಟ್ಟಿಸುತ್ತೀರಿ ಆದರೆ ಅದಕ್ಕೆ ಸಿಸಿ ಕ್ಯಾಮರಾ ಹಾಕಿಸಲು ಮೀನಾಮೇಷ ಎಣಿಸುತ್ತೀರಿ. ನಿಮ್ಮ ರಕ್ಷಣೆಗಾಗಿ ಸಿಸಿ ಕ್ಯಾಮರಾಗಳನ್ನು ಹಾಕಿ, ಮನೆಯಿಂದ ಹೆಚ್ಚು ದಿನ ಹೊರ ಹೋಗಬೇಕೆಂದರೆ ನಿಮ್ಮ ಬಡಾವಣೆಯ ಬೀಟ್ ಪೋಲೀಸರಿಗೆ ತಿಳಿಸಿ, ಬೆಲೆಬಾಳುವ ವಸ್ತುಗಳನ್ನು ಭದ್ರವಾಗಿ ಲಾಕರ್‌ನಲ್ಲಿಟ್ಟು ಹೋಗಿ, ಬ್ಯಾಂಕ್ ಸಿಬ್ಬಂದಿ ಎಂದು ಕರೆ ಬಂದರೆ ನಿಮ್ಮ ಬ್ಯಾಂಕ್ ಖಾತೆಯ ವಿವರ, ಒಟಿಪಿ ನೀಡಬೇಡಿ. ಹೊರಗೆ ಹೋಗುವಾಗ ಮನೆಯ ಬೀಗ ಕೀ ಮನೆಯ ಬಳಿಯೇ ಇಟ್ಟು ಹೋಗಬೇಡಿ. ಮನೆ ಮುಂದೆ ಪತ್ರಿಕೆ, ಹಾಲು ಸಂಗ್ರಹವಾಗದಂತೆ ನೋಡಿಕೊಳ್ಳಿ. ನಿಮ್ಮ ರಕ್ಷಣೆಗೆ ನೀವು ಜಾಗೃತರಾಗಿರಬೇಕು. ಉತ್ತಮ ನಾಗರೀಕ ಸಮಾಜಕ್ಕಾಗಿ ಪೋಲೀಸರ ಹೆಜ್ಜೆ ಇಡುತ್ತಿದ್ದೇವೆ ಪ್ರತಿ ನಾಗರೀಕರ ಸಹಕಾರ ಅಗತ್ಯ.
ಪೋಲೀಸ್ ಠಾಣೆಯ ಪಿ.ಎಸ್.ಐ.ಪ್ರಸನ್ನಕುಮಾರ್ ಕರಪತ್ರ ಬಿಡುಗಡೆ ಮಾಡಿದರು. ಜಯನಗರ ಬಡಾವಣೆ ವ್ಯಾಪ್ತಿಯಲ್ಲಿ ನಾಗರೀಕರೊಂದಿಗೆ ಸಂಪರ್ಕ ಸಭೆ ನಡೆಸಿ ಮಾತನಾಡಿದರು.
ವ್ಯಕ್ತಿಗಳು ಕಂಡು ಬಂದರೆ ತಕ್ಷಣವೇ ಪೋಲೀಸ್ ಠಾಣೆಗೆ ಮಾಹಿತಿ ನೀಡಿ, ಸೈಬರ್ ಕ್ರೈಂ ಹೆಚ್ಚಾಗುತ್ತಿದ್ದು ಆನ್‌ಲೈನ್ ಮೂಲಕ ಹಣ ಕಳೆದುಕೊಂಡವರು ತಕ್ಷಣ 1930 ಗೆ ಕರೆ ಮಾಡಬೇಕು, ತುರ್ತು ಸಂದರ್ಭದಲ್ಲಿ 112 ಗೆ ಉಚಿತ ಕರೆ ಮಾಡಿ, ಅಪರಿಚಿತರು, ಶಂಕಿತರು ಮನೆ ಬಾಡಿಗೆ ಕೇಳಿದರೆ ಅವರ ಸಂಪೂರ್ಣ ಮಾಹಿತಿ ಪಡೆಯಿರಿ.
ಪಡಿಸಿ ಎಂದು ತಿಳಿಸಿದರು. ಜಯನಗರ ಕ್ಷೇಮಾಭಿವೃದ್ಧಿ ಸಂಘದ ಪ್ರಧಾನ ಕಾರ್ಯದರ್ಶಿ ಆರ್.ಎಸ್.ವಿರೂಪಾಕ್ಷ ಮಾತನಾಡಿ, ಬಡಾವಣೆಯ ಪ್ರಮುಖ ರಸ್ತೆಗಳಲ್ಲಿ ಈಗಾಗಲೇ ಸಿಸಿ ಕ್ಯಾಮರಾಗಳನ್ನು ಹಾಕಲಾಗಿದೆ. ಮುಂಜಾನೆ ಹಾಗೂ ಸಂಜೆ ವಾಯು ವಿಹಾರಕ್ಕೆ ಬರುವ ಮಹಿಳೆಯರ ಸರ ಕಳ್ಳತನ ನಡೆಯುತ್ತಿರುವುದರಿಂದ ಪೋಲೀಸರು ಗಸ್ತು ಹೆಚ್ಚಿಸಬೇಕು ಎಂದು ಮನವಿ ಮಾಡಿದರು. ಯುವಜನರು ಮಾದಕ ವಸ್ತುಗಳ ವ್ಯಸನಕ್ಕೆ ಒಳಗಾಗದಂತೆ ಪೋಷಕರು ಎಚ್ಚರ ವಹಿಸಬೇಕು. ಮಕ್ಕಳ ಚಲನವಲನಗಳ ಬಗ್ಗೆ ನಿಗಾ ವಹಿಸಬೇಕು. ಅಧ್ಯಕ್ಷತೆ ವಹಿಸಿದ್ದ ಎಸ್.ಪುಟ್ಟರಂಗಪ್ಪನವರು ಮಾತನಾಡಿ ಬಡಾವಣೆಯ ಸಮಸ್ಯೆಗಳ ಬಗ್ಗೆ ಮಾಹಿತಿ ನೀಡಿದರು.
ನಿಮ್ಮ ಸಹಕಾರ ಇಲ್ಲದೆ ಪೋಲೀಸರಿಗೆ ಏನೂ ಮಾಡಲು ಸಾಧ್ಯವಿಲ್ಲ. ನಾಗರೀಕರು ಪೋಲೀಸ್ ಇಲಾಖೆಯೊಂದಿಗೆ ಕೈಜೋಡಿಸಬೇಕು. ಮನೆ ಮುಂದೆ ಸಿಸಿ ಕ್ಯಾಮರಾ ಹಾಕಿಸಬೇಕು, ರಾತ್ರಿ ವೇಳೆ ಅನುಮಾನಾಸ್ಪದ ವ್ಯಕ್ತಿಗಳು ಕಂಡುಬಂದರೆ ಪೋಲೀಸರಿಗೆ ತಕ್ಷಣ ತಿಳಿಸಬೇಕು ಎಂದು ಮನವಿ ಮಾಡಿದರು. ವೇದಿಕೆಯಲ್ಲಿ ಜಯನಗರ ಕ್ಷೇಮಾಭಿವೃದ್ಧಿ ಸಂಘದ ಉಪಾಧ್ಯಕ್ಷರಾದ ಎಸ್.ಪಿ.ವಿದ್ಯಾಧರ್, ಹನುಮಂತರಾಯಪ್ಪ, ಪದಾಧಿಕಾರಿಗಳಾದ ಮಹದೇವಯ್ಯ, ಎ.ಹಾಜ್ ಗೋವಿಂದರಾಜು, ಪಿ.ಎಸ್.ಐ.ಹನುಮಂತರಾಯಪ್ಪ, ಹೆಡ್ ಕಾನ್ಸ್‌ಟೇಬಲ್ ಸಿ.ಮಾರುತಿ, ಶ್ರೀಧರ್, ಕುಮಾರ್, ರಾಮ್‌ಪ್ರಸಾದ್, ಸಿದ್ದರಾಜು, ಶಿವಪ್ರಸಾದ್, ಜಯಪ್ರಕಾಶ್, ಚಿಕ್ಕಣ್ಣ ಸೇರಿದಂತೆ ಹಲವರು ಉಪಸ್ಥಿತರಿದ್ದರು.
PRINTED BY: T.S.KRISHNAMURTHY, ANJANADRI PRINTERS, 4th CROSS, VINAYAKA NAGARA, TUMAKURU-572101. KARNATAKA, PUBLISHED BY: MANJUNATHA P.N., S.L.N. BUILDING, KEMPEGOWDA ROAD, AMARAJHOTHY NAGARA, TUMKUR DISTRIKARNATAKA. OWNED BY: MANJUNATHA P.N., S.L.N.BUILDING, KEMPEGOWDA ROAD, AMARAJHOTHY NAGARA, TUMKUR DISTRICT. KARNATAKA., PRNTED AT: ANJANADRI PRINTERS, 4th CROSS, VINAYAKA NAGARA, TUMAKURU-572101. KARNATAKA, PUBLISHED AT: TUMAKURU, S.L.N BUILDING, KEMPEGOWDA ROAD, AMARAJHOTHY NAGARA, TUMKUR DISTRICT. KARNATAKA. EDITOR: MANJUNATHA P.N , S.L.N.BUILDING, KEMPEGOWDA ROAD, AMARAJHOTHY NAGARA, TUMKUR DISTRICT. KARNATAKA.
